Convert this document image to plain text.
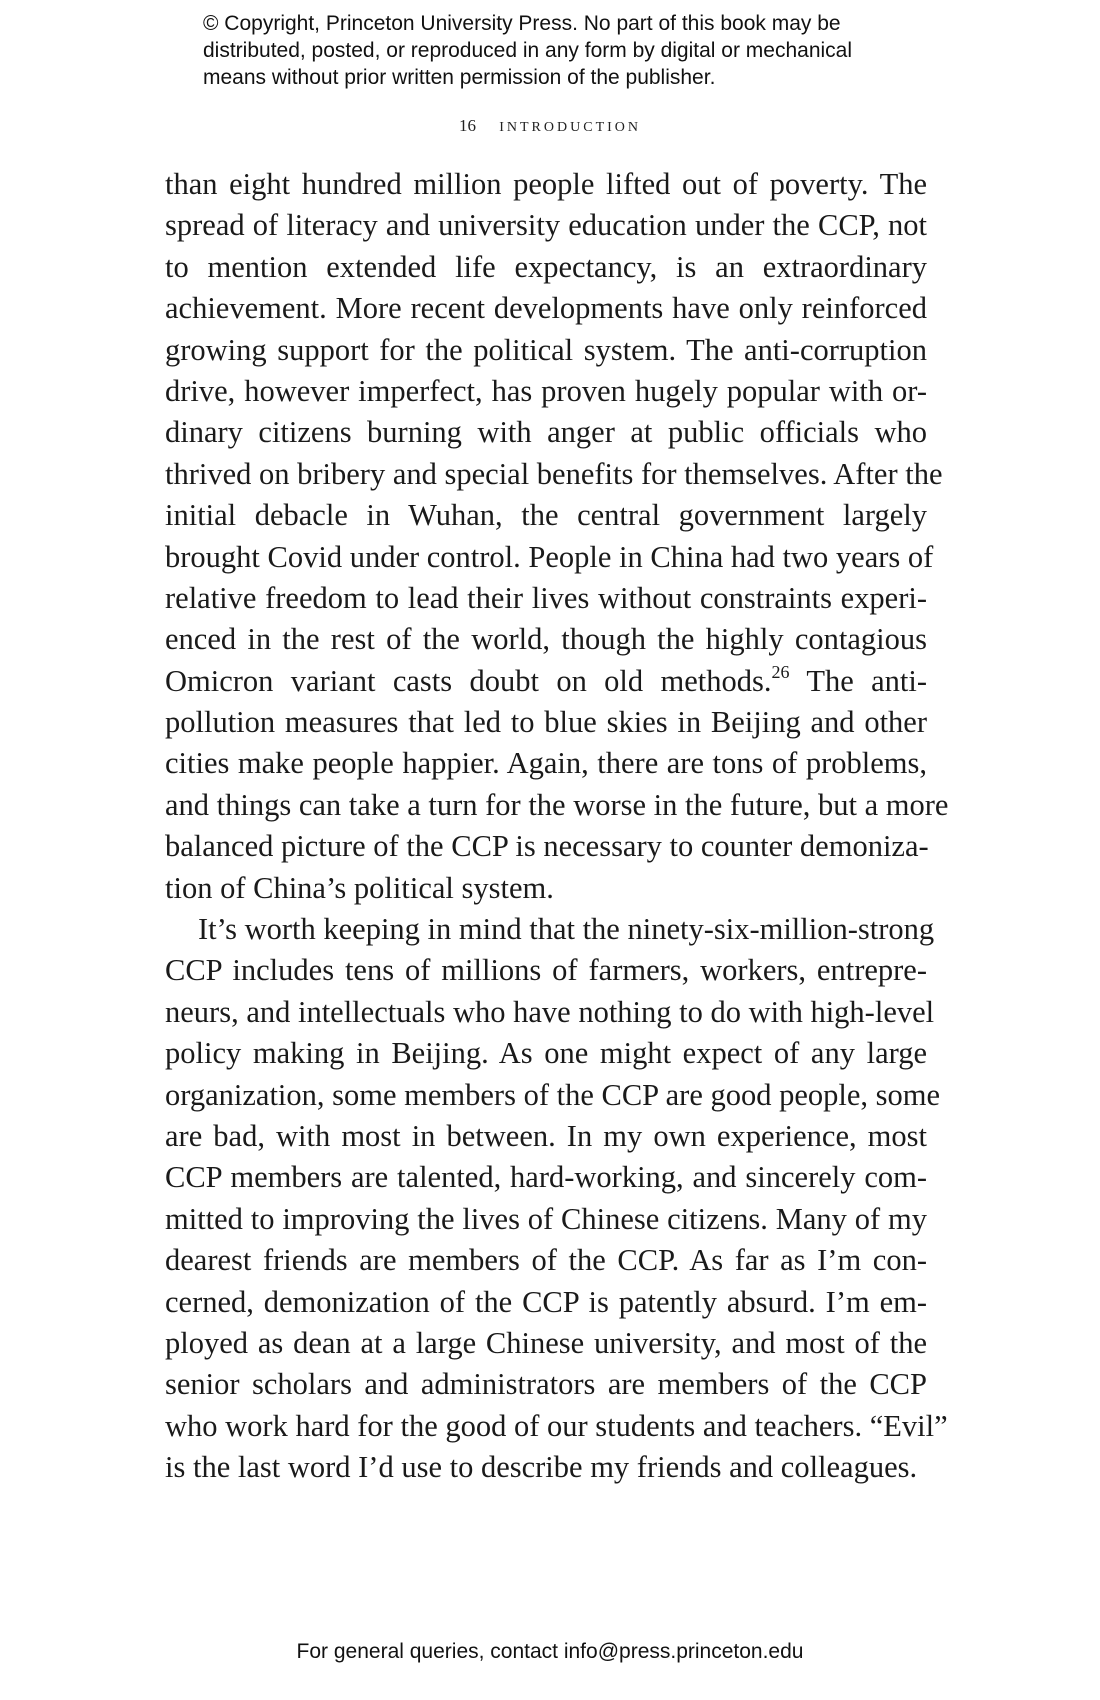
© Copyright, Princeton University Press. No part of this book may be
distributed, posted, or reproduced in any form by digital or mechanical
means without prior written permission of the publisher.
16 introduction
than eight hundred million people lifted out of poverty. The
spread of literacy and university education under the CCP, not
to mention extended life expectancy, is an extraordinary
achievement. More recent developments have only reinforced
growing support for the political system. The anti-corruption
drive, however imperfect, has proven hugely popular with or-
dinary citizens burning with anger at public officials who
thrived on bribery and special benefits for themselves. After the
initial debacle in Wuhan, the central government largely
brought Covid under control. People in China had two years of
relative freedom to lead their lives without constraints experi-
enced in the rest of the world, though the highly contagious
Omicron variant casts doubt on old methods.$^{26}$ The anti-
pollution measures that led to blue skies in Beijing and other
cities make people happier. Again, there are tons of problems,
and things can take a turn for the worse in the future, but a more
balanced picture of the CCP is necessary to counter demoniza-
tion of China’s political system.
It’s worth keeping in mind that the ninety-six-million-strong
CCP includes tens of millions of farmers, workers, entrepre-
neurs, and intellectuals who have nothing to do with high-level
policy making in Beijing. As one might expect of any large
organization, some members of the CCP are good people, some
are bad, with most in between. In my own experience, most
CCP members are talented, hard-working, and sincerely com-
mitted to improving the lives of Chinese citizens. Many of my
dearest friends are members of the CCP. As far as I’m con-
cerned, demonization of the CCP is patently absurd. I’m em-
ployed as dean at a large Chinese university, and most of the
senior scholars and administrators are members of the CCP
who work hard for the good of our students and teachers. “Evil”
is the last word I’d use to describe my friends and colleagues.
For general queries, contact info@press.princeton.edu
